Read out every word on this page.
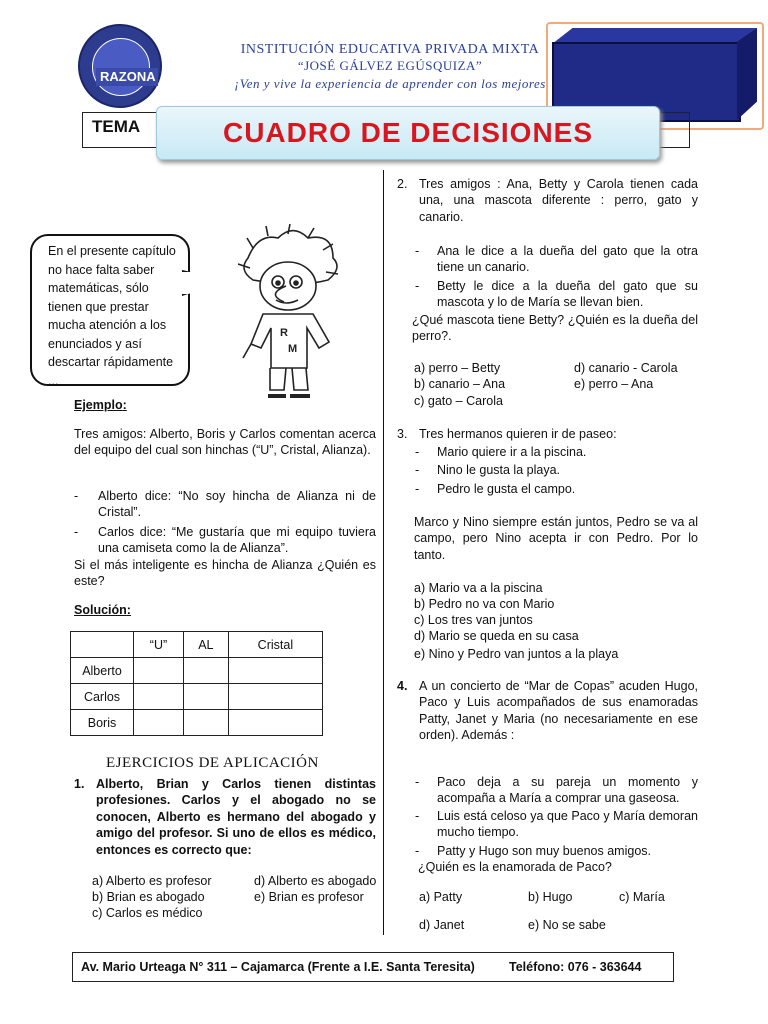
RAZONA
INSTITUCIÓN EDUCATIVA PRIVADA MIXTA
“JOSÉ GÁLVEZ EGÚSQUIZA”
¡Ven y vive la experiencia de aprender con los mejores
TEMA	CUADRO DE DECISIONES
En el presente capítulo
no hace falta saber
matemáticas, sólo
tienen que prestar
mucha atención a los
enunciados y así
descartar rápidamente
...
R
M
Ejemplo:
Tres amigos: Alberto, Boris y Carlos comentan acerca del equipo del cual son hinchas (“U”, Cristal, Alianza).
- Alberto dice: “No soy hincha de Alianza ni de Cristal”.
- Carlos dice: “Me gustaría que mi equipo tuviera una camiseta como la de Alianza”.
Si el más inteligente es hincha de Alianza ¿Quién es este?
Solución:
	“U”	AL	Cristal
Alberto			
Carlos			
Boris			
EJERCICIOS DE APLICACIÓN
1. Alberto, Brian y Carlos tienen distintas profesiones. Carlos y el abogado no se conocen, Alberto es hermano del abogado y amigo del profesor. Si uno de ellos es médico, entonces es correcto que:
a) Alberto es profesor	d) Alberto es abogado
b) Brian es abogado	e) Brian es profesor
c) Carlos es médico
2. Tres amigos : Ana, Betty y Carola tienen cada una, una mascota diferente : perro, gato y canario.
- Ana le dice a la dueña del gato que la otra tiene un canario.
- Betty le dice a la dueña del gato que su mascota y lo de María se llevan bien.
¿Qué mascota tiene Betty? ¿Quién es la dueña del perro?.
a) perro – Betty	d) canario - Carola
b) canario – Ana	e) perro – Ana
c) gato – Carola
3. Tres hermanos quieren ir de paseo:
- Mario quiere ir a la piscina.
- Nino le gusta la playa.
- Pedro le gusta el campo.
Marco y Nino siempre están juntos, Pedro se va al campo, pero Nino acepta ir con Pedro. Por lo tanto.
a) Mario va a la piscina
b) Pedro no va con Mario
c) Los tres van juntos
d) Mario se queda en su casa
e) Nino y Pedro van juntos a la playa
4. A un concierto de “Mar de Copas” acuden Hugo, Paco y Luis acompañados de sus enamoradas Patty, Janet y Maria (no necesariamente en ese orden). Además :
- Paco deja a su pareja un momento y acompaña a María a comprar una gaseosa.
- Luis está celoso ya que Paco y María demoran mucho tiempo.
- Patty y Hugo son muy buenos amigos.
¿Quién es la enamorada de Paco?
a) Patty	b) Hugo	c) María
d) Janet	e) No se sabe
Av. Mario Urteaga N° 311 – Cajamarca (Frente a I.E. Santa Teresita)	Teléfono: 076 - 363644
